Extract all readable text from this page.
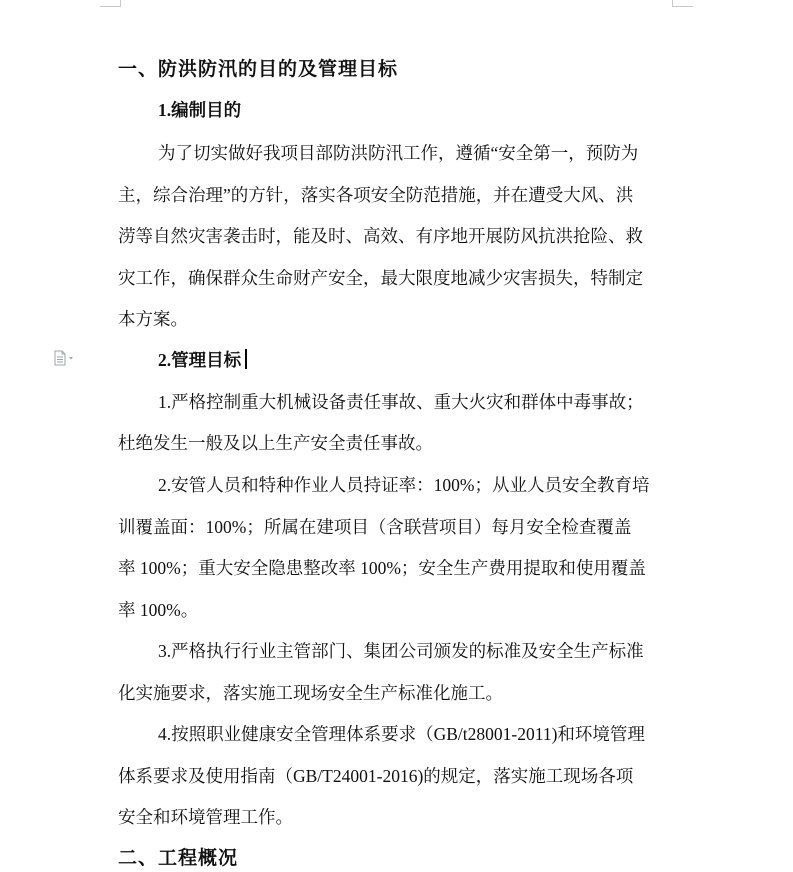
一、防洪防汛的目的及管理目标
1.编制目的
为了切实做好我项目部防洪防汛工作，遵循“安全第一，预防为
主，综合治理”的方针，落实各项安全防范措施，并在遭受大风、洪
涝等自然灾害袭击时，能及时、高效、有序地开展防风抗洪抢险、救
灾工作，确保群众生命财产安全，最大限度地减少灾害损失，特制定
本方案。
2.管理目标
1.严格控制重大机械设备责任事故、重大火灾和群体中毒事故；
杜绝发生一般及以上生产安全责任事故。
2.安管人员和特种作业人员持证率：100%；从业人员安全教育培
训覆盖面：100%；所属在建项目（含联营项目）每月安全检查覆盖
率 100%；重大安全隐患整改率 100%；安全生产费用提取和使用覆盖
率 100%。
3.严格执行行业主管部门、集团公司颁发的标准及安全生产标准
化实施要求，落实施工现场安全生产标准化施工。
4.按照职业健康安全管理体系要求（GB/t28001-2011)和环境管理
体系要求及使用指南（GB/T24001-2016)的规定，落实施工现场各项
安全和环境管理工作。
二、工程概况
